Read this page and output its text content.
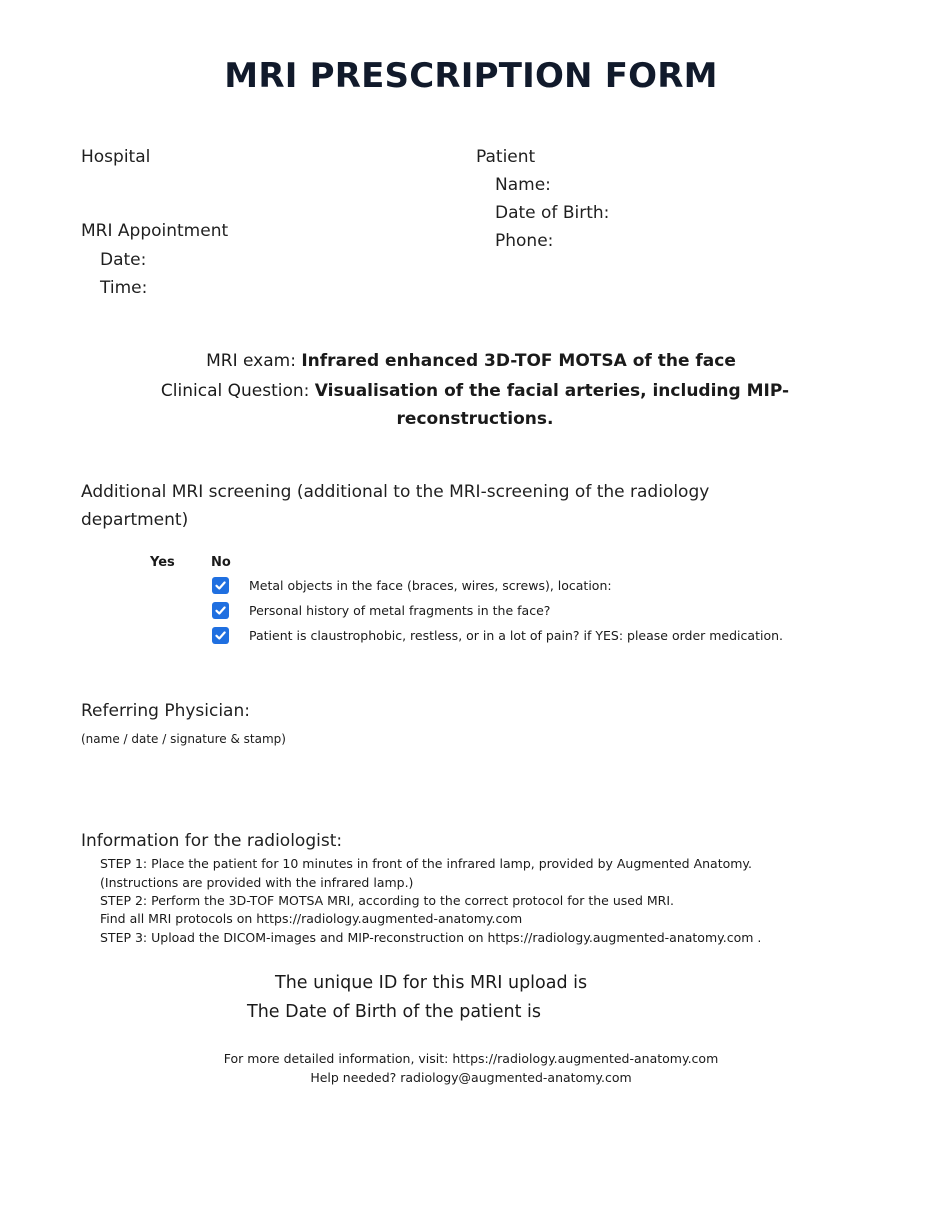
MRI PRESCRIPTION FORM
Hospital
MRI Appointment
Date:
Time:
Patient
Name:
Date of Birth:
Phone:
MRI exam: Infrared enhanced 3D-TOF MOTSA of the face
Clinical Question: Visualisation of the facial arteries, including MIP-reconstructions.
Additional MRI screening (additional to the MRI-screening of the radiology
department)
Yes	No
Metal objects in the face (braces, wires, screws), location:
Personal history of metal fragments in the face?
Patient is claustrophobic, restless, or in a lot of pain? if YES: please order medication.
Referring Physician:
(name / date / signature & stamp)
Information for the radiologist:
STEP 1: Place the patient for 10 minutes in front of the infrared lamp, provided by Augmented Anatomy.
(Instructions are provided with the infrared lamp.)
STEP 2: Perform the 3D-TOF MOTSA MRI, according to the correct protocol for the used MRI.
Find all MRI protocols on https://radiology.augmented-anatomy.com
STEP 3: Upload the DICOM-images and MIP-reconstruction on https://radiology.augmented-anatomy.com .
The unique ID for this MRI upload is
The Date of Birth of the patient is
For more detailed information, visit: https://radiology.augmented-anatomy.com
Help needed? radiology@augmented-anatomy.com
